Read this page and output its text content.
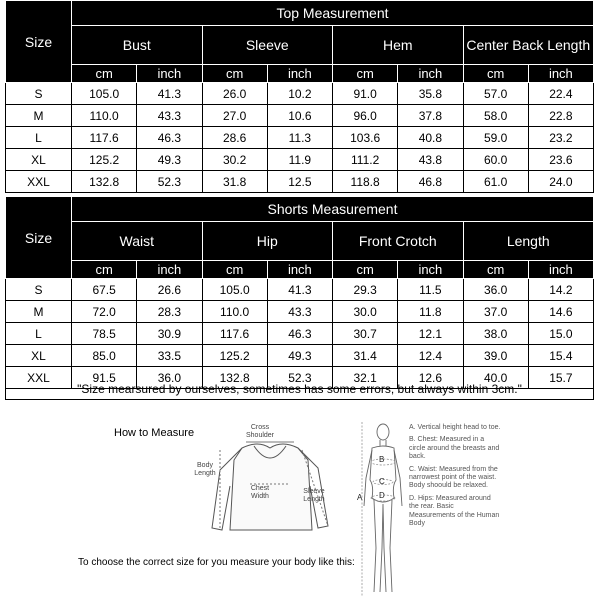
Size	Top Measurement							
	Bust		Sleeve		Hem		Center Back Length	
	cm	inch	cm	inch	cm	inch	cm	inch
S	105.0	41.3	26.0	10.2	91.0	35.8	57.0	22.4
M	110.0	43.3	27.0	10.6	96.0	37.8	58.0	22.8
L	117.6	46.3	28.6	11.3	103.6	40.8	59.0	23.2
XL	125.2	49.3	30.2	11.9	111.2	43.8	60.0	23.6
XXL	132.8	52.3	31.8	12.5	118.8	46.8	61.0	24.0
Size	Shorts Measurement							
	Waist		Hip		Front Crotch		Length	
	cm	inch	cm	inch	cm	inch	cm	inch
S	67.5	26.6	105.0	41.3	29.3	11.5	36.0	14.2
M	72.0	28.3	110.0	43.3	30.0	11.8	37.0	14.6
L	78.5	30.9	117.6	46.3	30.7	12.1	38.0	15.0
XL	85.0	33.5	125.2	49.3	31.4	12.4	39.0	15.4
XXL	91.5	36.0	132.8	52.3	32.1	12.6	40.0	15.7
"Size mearsured by ourselves, sometimes has some errors, but always within 3cm."
How to Measure	Cross Shoulder
Body Length
Chest Width
Sleeve Length
To choose the correct size for you measure your body like this:
A
B
C
D
A. Vertical height head to toe.
B. Chest: Measured in a circle around the breasts and back.
C. Waist: Measured from the narrowest point of the waist. Body shoould be relaxed.
D. Hips: Measured around the rear. Basic Measurements of the Human Body
